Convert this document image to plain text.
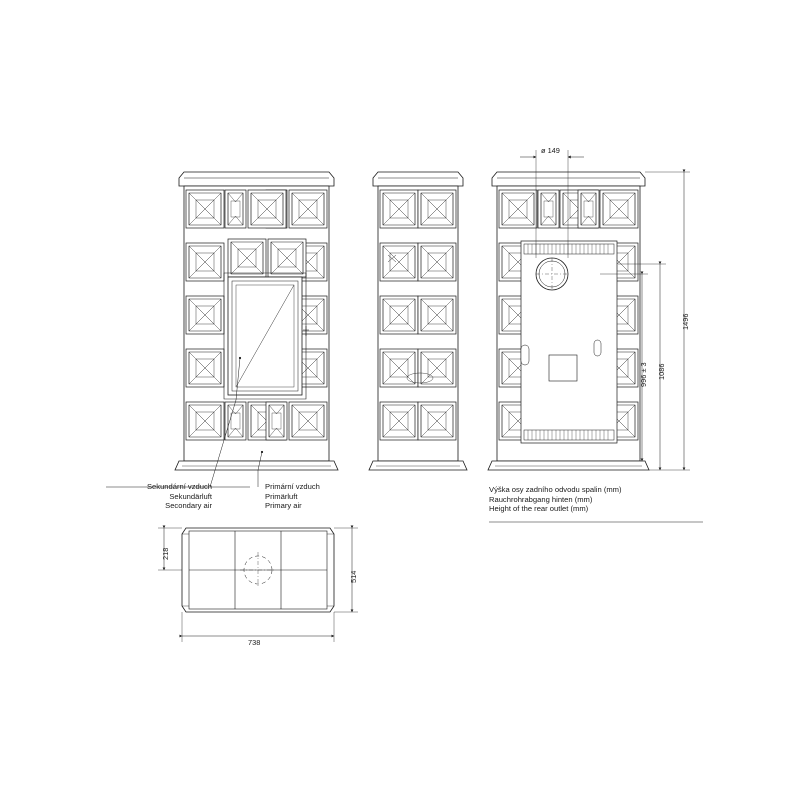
ø 149
1496
1086
996 ± 3
218
514
738
Sekundární vzduch
Sekundärluft
Secondary air
Primární vzduch
Primärluft
Primary air
Výška osy zadního odvodu spalin (mm)
Rauchrohrabgang hinten (mm)
Height of the rear outlet (mm)
